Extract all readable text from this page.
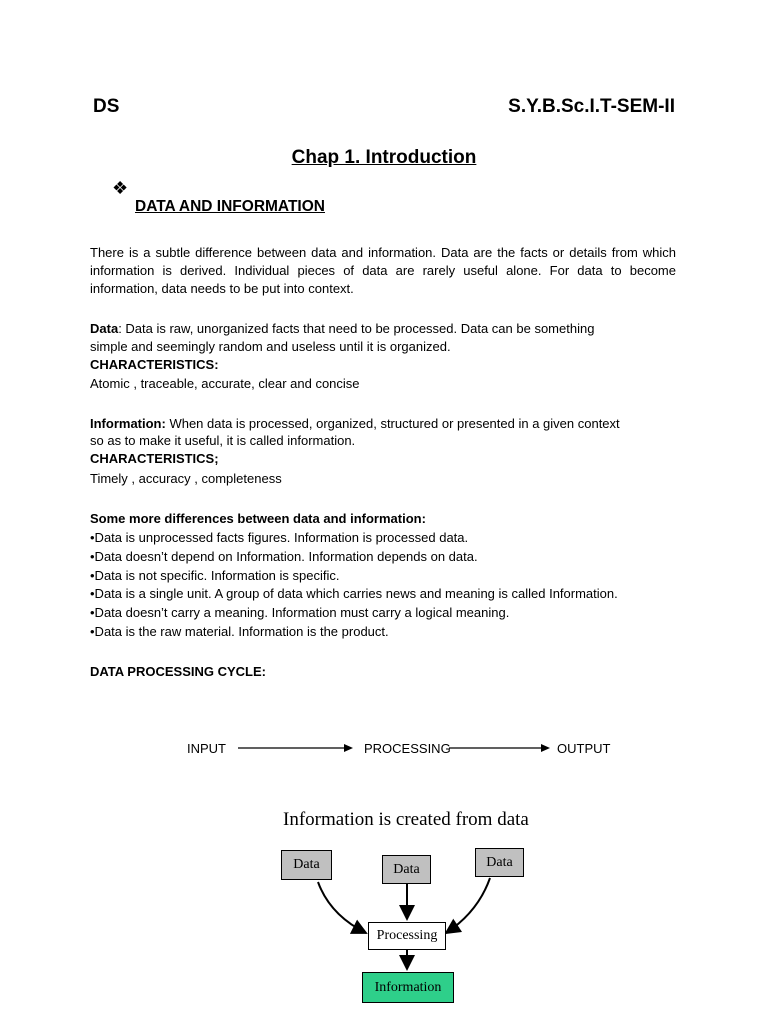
DS	S.Y.B.Sc.I.T-SEM-II
Chap 1. Introduction
❖
DATA AND INFORMATION
There is a subtle difference between data and information. Data are the facts or details from which information is derived. Individual pieces of data are rarely useful alone. For data to become information, data needs to be put into context.
Data: Data is raw, unorganized facts that need to be processed. Data can be something
simple and seemingly random and useless until it is organized.
CHARACTERISTICS:
Atomic , traceable, accurate, clear and concise
Information: When data is processed, organized, structured or presented in a given context
so as to make it useful, it is called information.
CHARACTERISTICS;
Timely , accuracy , completeness
Some more differences between data and information:
•Data is unprocessed facts figures. Information is processed data.
•Data doesn’t depend on Information. Information depends on data.
•Data is not specific. Information is specific.
•Data is a single unit. A group of data which carries news and meaning is called Information.
•Data doesn’t carry a meaning. Information must carry a logical meaning.
•Data is the raw material. Information is the product.
DATA PROCESSING CYCLE:
INPUT	PROCESSING	OUTPUT
Information is created from data
Data	Data	Data
Processing
Information
